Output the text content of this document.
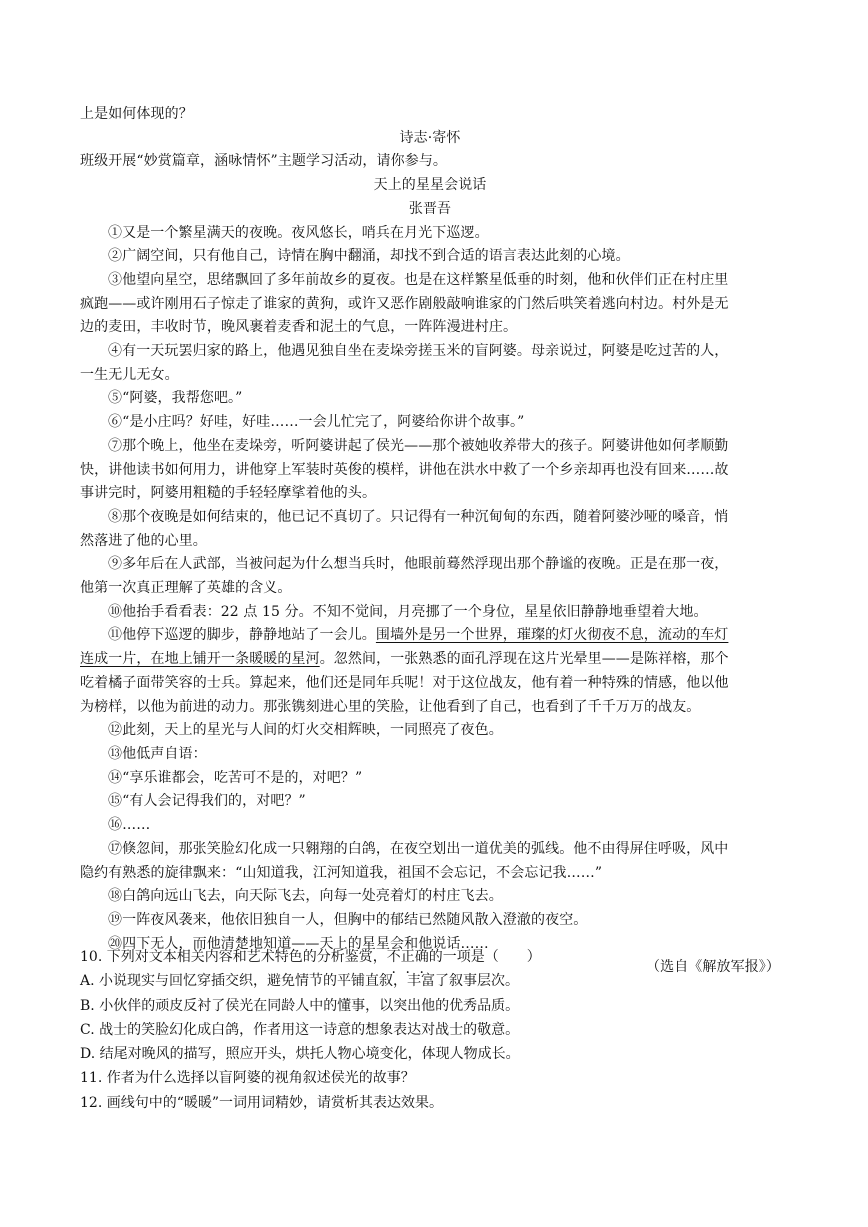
上是如何体现的？
诗志·寄怀
班级开展“妙赏篇章，涵咏情怀”主题学习活动，请你参与。
天上的星星会说话
张晋吾
①又是一个繁星满天的夜晚。夜风悠长，哨兵在月光下巡逻。
②广阔空间，只有他自己，诗情在胸中翻涌，却找不到合适的语言表达此刻的心境。
③他望向星空，思绪飘回了多年前故乡的夏夜。也是在这样繁星低垂的时刻，他和伙伴们正在村庄里
疯跑——或许刚用石子惊走了谁家的黄狗，或许又恶作剧般敲响谁家的门然后哄笑着逃向村边。村外是无
边的麦田，丰收时节，晚风裹着麦香和泥土的气息，一阵阵漫进村庄。
④有一天玩罢归家的路上，他遇见独自坐在麦垛旁搓玉米的盲阿婆。母亲说过，阿婆是吃过苦的人，
一生无儿无女。
⑤“阿婆，我帮您吧。”
⑥“是小庄吗？好哇，好哇……一会儿忙完了，阿婆给你讲个故事。”
⑦那个晚上，他坐在麦垛旁，听阿婆讲起了侯光——那个被她收养带大的孩子。阿婆讲他如何孝顺勤
快，讲他读书如何用力，讲他穿上军装时英俊的模样，讲他在洪水中救了一个乡亲却再也没有回来……故
事讲完时，阿婆用粗糙的手轻轻摩挲着他的头。
⑧那个夜晚是如何结束的，他已记不真切了。只记得有一种沉甸甸的东西，随着阿婆沙哑的嗓音，悄
然落进了他的心里。
⑨多年后在人武部，当被问起为什么想当兵时，他眼前蓦然浮现出那个静谧的夜晚。正是在那一夜，
他第一次真正理解了英雄的含义。
⑩他抬手看看表：22 点 15 分。不知不觉间，月亮挪了一个身位，星星依旧静静地垂望着大地。
⑪他停下巡逻的脚步，静静地站了一会儿。围墙外是另一个世界，璀璨的灯火彻夜不息，流动的车灯
连成一片，在地上铺开一条暖暖的星河。忽然间，一张熟悉的面孔浮现在这片光晕里——是陈祥榕，那个
吃着橘子面带笑容的士兵。算起来，他们还是同年兵呢！对于这位战友，他有着一种特殊的情感，他以他
为榜样，以他为前进的动力。那张镌刻进心里的笑脸，让他看到了自己，也看到了千千万万的战友。
⑫此刻，天上的星光与人间的灯火交相辉映，一同照亮了夜色。
⑬他低声自语：
⑭“享乐谁都会，吃苦可不是的，对吧？”
⑮“有人会记得我们的，对吧？”
⑯……
⑰倏忽间，那张笑脸幻化成一只翱翔的白鸽，在夜空划出一道优美的弧线。他不由得屏住呼吸，风中
隐约有熟悉的旋律飘来：“山知道我，江河知道我，祖国不会忘记，不会忘记我……”
⑱白鸽向远山飞去，向天际飞去，向每一处亮着灯的村庄飞去。
⑲一阵夜风袭来，他依旧独自一人，但胸中的郁结已然随风散入澄澈的夜空。
⑳四下无人，而他清楚地知道——天上的星星会和他说话……
（选自《解放军报》）
10. 下列对文本相关内容和艺术特色的分析鉴赏，不正确的一项是（　　）
A. 小说现实与回忆穿插交织，避免情节的平铺直叙，丰富了叙事层次。
B. 小伙伴的顽皮反衬了侯光在同龄人中的懂事，以突出他的优秀品质。
C. 战士的笑脸幻化成白鸽，作者用这一诗意的想象表达对战士的敬意。
D. 结尾对晚风的描写，照应开头，烘托人物心境变化，体现人物成长。
11. 作者为什么选择以盲阿婆的视角叙述侯光的故事？
12. 画线句中的“暖暖”一词用词精妙，请赏析其表达效果。
